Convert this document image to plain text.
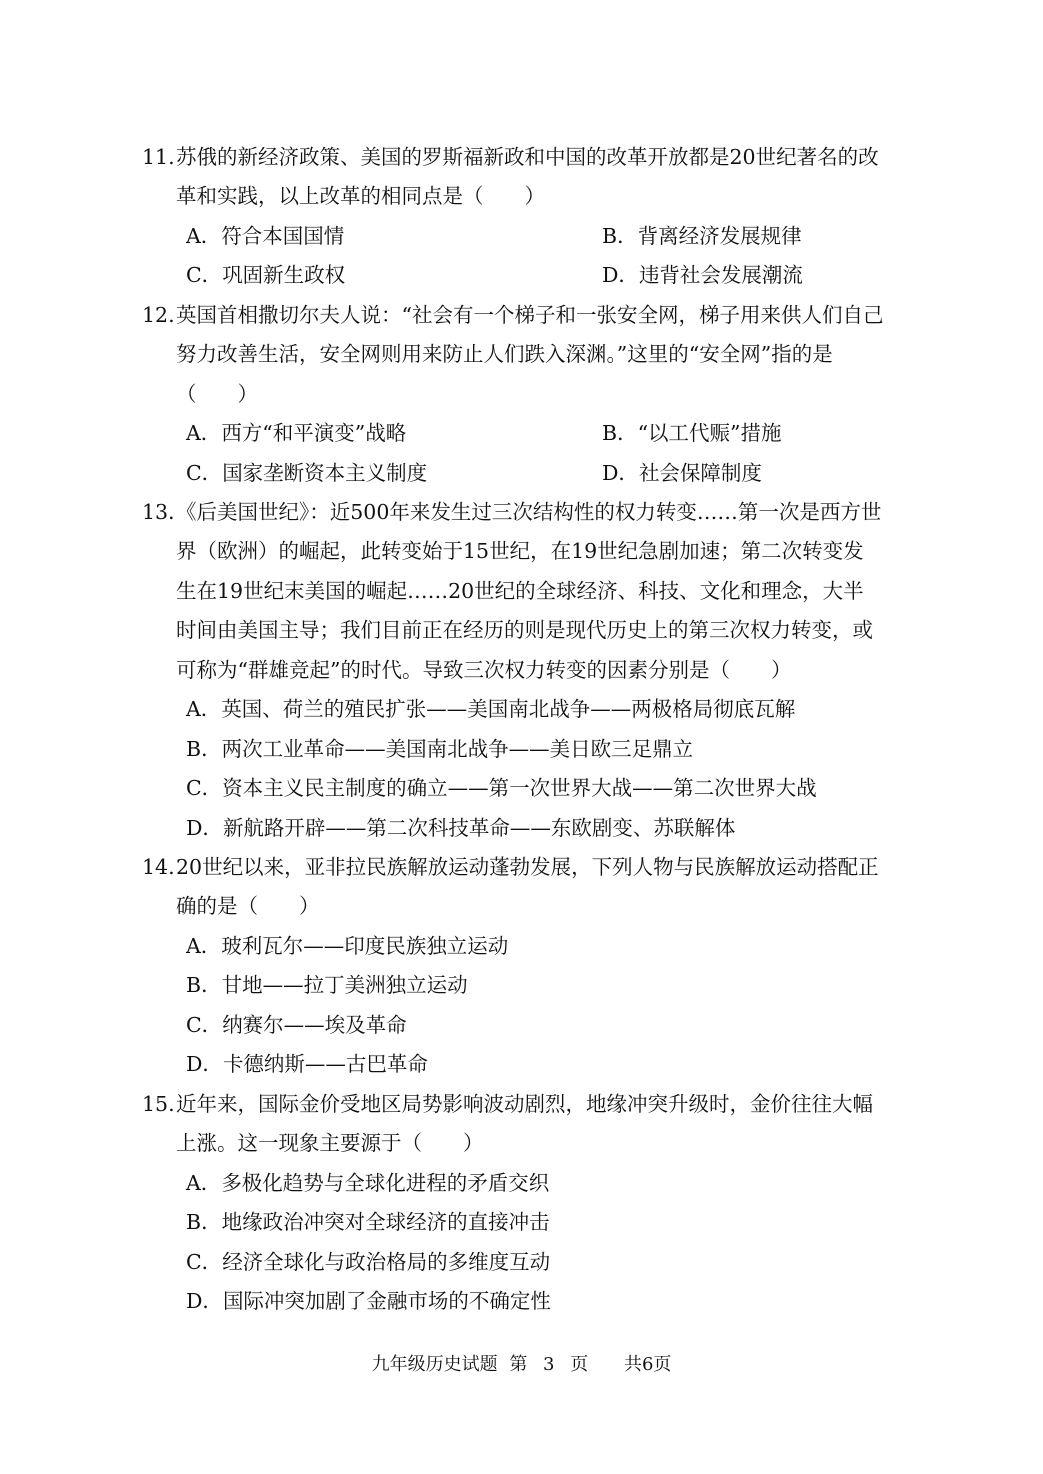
11. 苏俄的新经济政策、美国的罗斯福新政和中国的改革开放都是20世纪著名的改
革和实践，以上改革的相同点是（　　）
A．符合本国国情	B．背离经济发展规律
C．巩固新生政权	D．违背社会发展潮流
12. 英国首相撒切尔夫人说：“社会有一个梯子和一张安全网，梯子用来供人们自己
努力改善生活，安全网则用来防止人们跌入深渊。”这里的“安全网”指的是
（　　）
A．西方“和平演变”战略	B．“以工代赈”措施
C．国家垄断资本主义制度	D．社会保障制度
13．
《后美国世纪》：近500年来发生过三次结构性的权力转变……第一次是西方世
界（欧洲）的崛起，此转变始于15世纪，在19世纪急剧加速；第二次转变发
生在19世纪末美国的崛起……20世纪的全球经济、科技、文化和理念，大半
时间由美国主导；我们目前正在经历的则是现代历史上的第三次权力转变，或
可称为“群雄竞起”的时代。导致三次权力转变的因素分别是（　　）
A．英国、荷兰的殖民扩张——美国南北战争——两极格局彻底瓦解
B．两次工业革命——美国南北战争——美日欧三足鼎立
C．资本主义民主制度的确立——第一次世界大战——第二次世界大战
D．新航路开辟——第二次科技革命——东欧剧变、苏联解体
14. 20世纪以来，亚非拉民族解放运动蓬勃发展，下列人物与民族解放运动搭配正
确的是（　　）
A．玻利瓦尔——印度民族独立运动
B．甘地——拉丁美洲独立运动
C．纳赛尔——埃及革命
D．卡德纳斯——古巴革命
15. 近年来，国际金价受地区局势影响波动剧烈，地缘冲突升级时，金价往往大幅
上涨。这一现象主要源于（　　）
A．多极化趋势与全球化进程的矛盾交织
B．地缘政治冲突对全球经济的直接冲击
C．经济全球化与政治格局的多维度互动
D．国际冲突加剧了金融市场的不确定性
九年级历史试题 第 3 页 共6页
